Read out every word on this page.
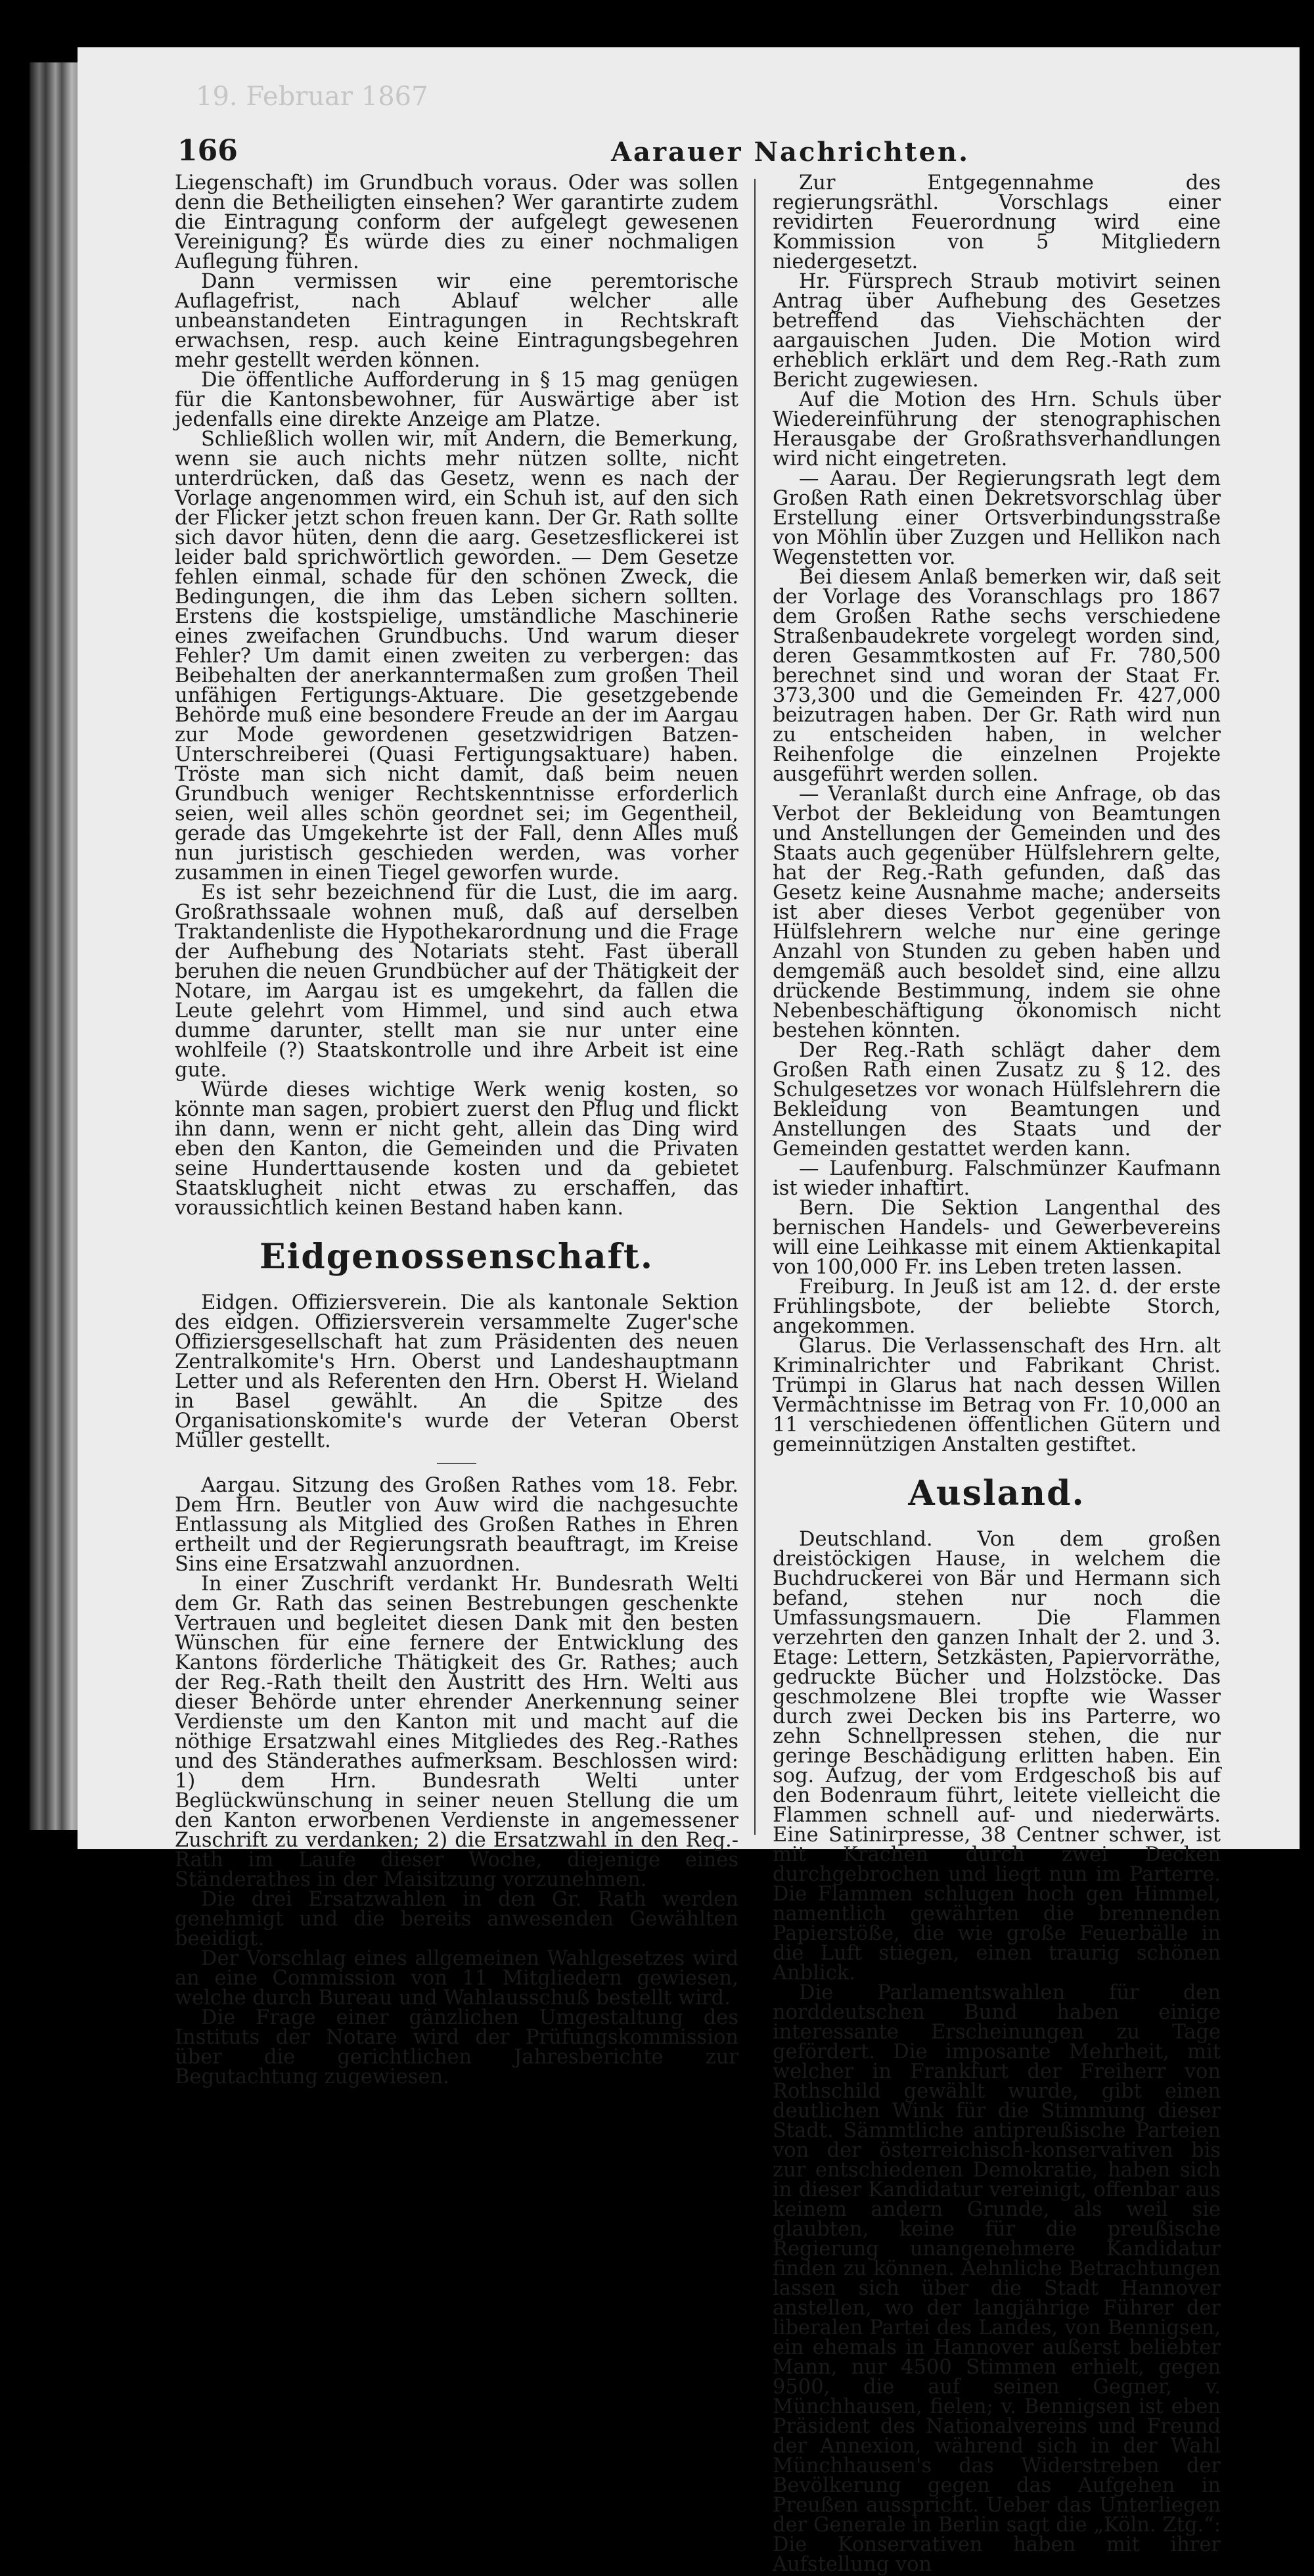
19. Februar 1867
166	Aarauer Nachrichten.

Liegenschaft) im Grundbuch voraus. Oder was sollen denn die Betheiligten einsehen? Wer garantirte zudem die Eintragung conform der aufgelegt gewesenen Vereinigung? Es würde dies zu einer nochmaligen Auflegung führen.

Dann vermissen wir eine peremtorische Auflagefrist, nach Ablauf welcher alle unbeanstandeten Eintragungen in Rechtskraft erwachsen, resp. auch keine Eintragungsbegehren mehr gestellt werden können.

Die öffentliche Aufforderung in § 15 mag genügen für die Kantonsbewohner, für Auswärtige aber ist jedenfalls eine direkte Anzeige am Platze.

Schließlich wollen wir, mit Andern, die Bemerkung, wenn sie auch nichts mehr nützen sollte, nicht unterdrücken, daß das Gesetz, wenn es nach der Vorlage angenommen wird, ein Schuh ist, auf den sich der Flicker jetzt schon freuen kann. Der Gr. Rath sollte sich davor hüten, denn die aarg. Gesetzesflickerei ist leider bald sprichwörtlich geworden. — Dem Gesetze fehlen einmal, schade für den schönen Zweck, die Bedingungen, die ihm das Leben sichern sollten. Erstens die kostspielige, umständliche Maschinerie eines zweifachen Grundbuchs. Und warum dieser Fehler? Um damit einen zweiten zu verbergen: das Beibehalten der anerkanntermaßen zum großen Theil unfähigen Fertigungs-Aktuare. Die gesetzgebende Behörde muß eine besondere Freude an der im Aargau zur Mode gewordenen gesetzwidrigen Batzen-Unterschreiberei (Quasi Fertigungsaktuare) haben. Tröste man sich nicht damit, daß beim neuen Grundbuch weniger Rechtskenntnisse erforderlich seien, weil alles schön geordnet sei; im Gegentheil, gerade das Umgekehrte ist der Fall, denn Alles muß nun juristisch geschieden werden, was vorher zusammen in einen Tiegel geworfen wurde.

Es ist sehr bezeichnend für die Lust, die im aarg. Großrathssaale wohnen muß, daß auf derselben Traktandenliste die Hypothekarordnung und die Frage der Aufhebung des Notariats steht. Fast überall beruhen die neuen Grundbücher auf der Thätigkeit der Notare, im Aargau ist es umgekehrt, da fallen die Leute gelehrt vom Himmel, und sind auch etwa dumme darunter, stellt man sie nur unter eine wohlfeile (?) Staatskontrolle und ihre Arbeit ist eine gute.

Würde dieses wichtige Werk wenig kosten, so könnte man sagen, probiert zuerst den Pflug und flickt ihn dann, wenn er nicht geht, allein das Ding wird eben den Kanton, die Gemeinden und die Privaten seine Hunderttausende kosten und da gebietet Staatsklugheit nicht etwas zu erschaffen, das voraussichtlich keinen Bestand haben kann.

Eidgenossenschaft.

Eidgen. Offiziersverein. Die als kantonale Sektion des eidgen. Offiziersverein versammelte Zuger'sche Offiziersgesellschaft hat zum Präsidenten des neuen Zentralkomite's Hrn. Oberst und Landeshauptmann Letter und als Referenten den Hrn. Oberst H. Wieland in Basel gewählt. An die Spitze des Organisationskomite's wurde der Veteran Oberst Müller gestellt.

Aargau. Sitzung des Großen Rathes vom 18. Febr. Dem Hrn. Beutler von Auw wird die nachgesuchte Entlassung als Mitglied des Großen Rathes in Ehren ertheilt und der Regierungsrath beauftragt, im Kreise Sins eine Ersatzwahl anzuordnen.

In einer Zuschrift verdankt Hr. Bundesrath Welti dem Gr. Rath das seinen Bestrebungen geschenkte Vertrauen und begleitet diesen Dank mit den besten Wünschen für eine fernere der Entwicklung des Kantons förderliche Thätigkeit des Gr. Rathes; auch der Reg.-Rath theilt den Austritt des Hrn. Welti aus dieser Behörde unter ehrender Anerkennung seiner Verdienste um den Kanton mit und macht auf die nöthige Ersatzwahl eines Mitgliedes des Reg.-Rathes und des Ständerathes aufmerksam. Beschlossen wird: 1) dem Hrn. Bundesrath Welti unter Beglückwünschung in seiner neuen Stellung die um den Kanton erworbenen Verdienste in angemessener Zuschrift zu verdanken; 2) die Ersatzwahl in den Reg.-Rath im Laufe dieser Woche, diejenige eines Ständerathes in der Maisitzung vorzunehmen.

Die drei Ersatzwahlen in den Gr. Rath werden genehmigt und die bereits anwesenden Gewählten beeidigt.

Der Vorschlag eines allgemeinen Wahlgesetzes wird an eine Commission von 11 Mitgliedern gewiesen, welche durch Bureau und Wahlausschuß bestellt wird.

Die Frage einer gänzlichen Umgestaltung des Instituts der Notare wird der Prüfungskommission über die gerichtlichen Jahresberichte zur Begutachtung zugewiesen.

Zur Entgegennahme des regierungsräthl. Vorschlags einer revidirten Feuerordnung wird eine Kommission von 5 Mitgliedern niedergesetzt.

Hr. Fürsprech Straub motivirt seinen Antrag über Aufhebung des Gesetzes betreffend das Viehschächten der aargauischen Juden. Die Motion wird erheblich erklärt und dem Reg.-Rath zum Bericht zugewiesen.

Auf die Motion des Hrn. Schuls über Wiedereinführung der stenographischen Herausgabe der Großrathsverhandlungen wird nicht eingetreten.

— Aarau. Der Regierungsrath legt dem Großen Rath einen Dekretsvorschlag über Erstellung einer Ortsverbindungsstraße von Möhlin über Zuzgen und Hellikon nach Wegenstetten vor.

Bei diesem Anlaß bemerken wir, daß seit der Vorlage des Voranschlags pro 1867 dem Großen Rathe sechs verschiedene Straßenbaudekrete vorgelegt worden sind, deren Gesammtkosten auf Fr. 780,500 berechnet sind und woran der Staat Fr. 373,300 und die Gemeinden Fr. 427,000 beizutragen haben. Der Gr. Rath wird nun zu entscheiden haben, in welcher Reihenfolge die einzelnen Projekte ausgeführt werden sollen.

— Veranlaßt durch eine Anfrage, ob das Verbot der Bekleidung von Beamtungen und Anstellungen der Gemeinden und des Staats auch gegenüber Hülfslehrern gelte, hat der Reg.-Rath gefunden, daß das Gesetz keine Ausnahme mache; anderseits ist aber dieses Verbot gegenüber von Hülfslehrern welche nur eine geringe Anzahl von Stunden zu geben haben und demgemäß auch besoldet sind, eine allzu drückende Bestimmung, indem sie ohne Nebenbeschäftigung ökonomisch nicht bestehen könnten.

Der Reg.-Rath schlägt daher dem Großen Rath einen Zusatz zu § 12. des Schulgesetzes vor wonach Hülfslehrern die Bekleidung von Beamtungen und Anstellungen des Staats und der Gemeinden gestattet werden kann.

— Laufenburg. Falschmünzer Kaufmann ist wieder inhaftirt.

Bern. Die Sektion Langenthal des bernischen Handels- und Gewerbevereins will eine Leihkasse mit einem Aktienkapital von 100,000 Fr. ins Leben treten lassen.

Freiburg. In Jeuß ist am 12. d. der erste Frühlingsbote, der beliebte Storch, angekommen.

Glarus. Die Verlassenschaft des Hrn. alt Kriminalrichter und Fabrikant Christ. Trümpi in Glarus hat nach dessen Willen Vermächtnisse im Betrag von Fr. 10,000 an 11 verschiedenen öffentlichen Gütern und gemeinnützigen Anstalten gestiftet.

Ausland.

Deutschland. Von dem großen dreistöckigen Hause, in welchem die Buchdruckerei von Bär und Hermann sich befand, stehen nur noch die Umfassungsmauern. Die Flammen verzehrten den ganzen Inhalt der 2. und 3. Etage: Lettern, Setzkästen, Papiervorräthe, gedruckte Bücher und Holzstöcke. Das geschmolzene Blei tropfte wie Wasser durch zwei Decken bis ins Parterre, wo zehn Schnellpressen stehen, die nur geringe Beschädigung erlitten haben. Ein sog. Aufzug, der vom Erdgeschoß bis auf den Bodenraum führt, leitete vielleicht die Flammen schnell auf- und niederwärts. Eine Satinirpresse, 38 Centner schwer, ist mit Krachen durch zwei Decken durchgebrochen und liegt nun im Parterre. Die Flammen schlugen hoch gen Himmel, namentlich gewährten die brennenden Papierstöße, die wie große Feuerbälle in die Luft stiegen, einen traurig schönen Anblick.

Die Parlamentswahlen für den norddeutschen Bund haben einige interessante Erscheinungen zu Tage gefördert. Die imposante Mehrheit, mit welcher in Frankfurt der Freiherr von Rothschild gewählt wurde, gibt einen deutlichen Wink für die Stimmung dieser Stadt. Sämmtliche antipreußische Parteien von der österreichisch-konservativen bis zur entschiedenen Demokratie, haben sich in dieser Kandidatur vereinigt, offenbar aus keinem andern Grunde, als weil sie glaubten, keine für die preußische Regierung unangenehmere Kandidatur finden zu können. Aehnliche Betrachtungen lassen sich über die Stadt Hannover anstellen, wo der langjährige Führer der liberalen Partei des Landes, von Bennigsen, ein ehemals in Hannover außerst beliebter Mann, nur 4500 Stimmen erhielt, gegen 9500, die auf seinen Gegner, v. Münchhausen, fielen; v. Bennigsen ist eben Präsident des Nationalvereins und Freund der Annexion, während sich in der Wahl Münchhausen's das Widerstreben der Bevölkerung gegen das Aufgehen in Preußen ausspricht. Ueber das Unterliegen der Generale in Berlin sagt die „Köln. Ztg.“: Die Konservativen haben mit ihrer Aufstellung von
